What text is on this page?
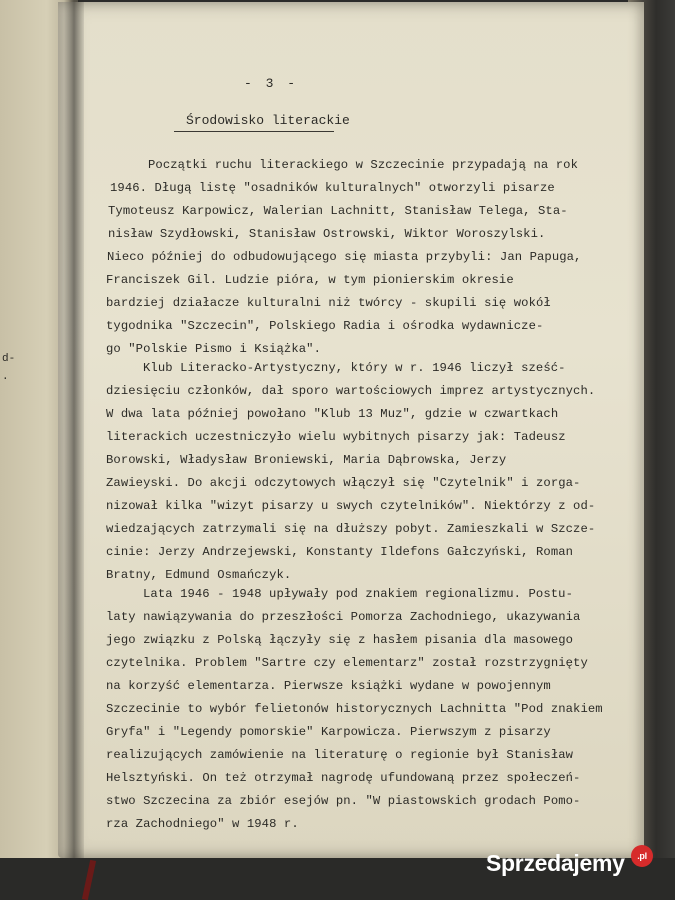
d-
.
- 3 -
Środowisko literackie
Początki ruchu literackiego w Szczecinie przypadają na rok
1946. Długą listę "osadników kulturalnych" otworzyli pisarze
Tymoteusz Karpowicz, Walerian Lachnitt, Stanisław Telega, Sta-
nisław Szydłowski, Stanisław Ostrowski, Wiktor Woroszylski.
Nieco później do odbudowującego się miasta przybyli: Jan Papuga,
Franciszek Gil. Ludzie pióra, w tym pionierskim okresie
bardziej działacze kulturalni niż twórcy - skupili się wokół
tygodnika "Szczecin", Polskiego Radia i ośrodka wydawnicze-
go "Polskie Pismo i Książka".
Klub Literacko-Artystyczny, który w r. 1946 liczył sześć-
dziesięciu członków, dał sporo wartościowych imprez artystycznych.
W dwa lata później powołano "Klub 13 Muz", gdzie w czwartkach
literackich uczestniczyło wielu wybitnych pisarzy jak: Tadeusz
Borowski, Władysław Broniewski, Maria Dąbrowska, Jerzy
Zawieyski. Do akcji odczytowych włączył się "Czytelnik" i zorga-
nizował kilka "wizyt pisarzy u swych czytelników". Niektórzy z od-
wiedzających zatrzymali się na dłuższy pobyt. Zamieszkali w Szcze-
cinie: Jerzy Andrzejewski, Konstanty Ildefons Gałczyński, Roman
Bratny, Edmund Osmańczyk.
Lata 1946 - 1948 upływały pod znakiem regionalizmu. Postu-
laty nawiązywania do przeszłości Pomorza Zachodniego, ukazywania
jego związku z Polską łączyły się z hasłem pisania dla masowego
czytelnika. Problem "Sartre czy elementarz" został rozstrzygnięty
na korzyść elementarza. Pierwsze książki wydane w powojennym
Szczecinie to wybór felietonów historycznych Lachnitta "Pod znakiem
Gryfa" i "Legendy pomorskie" Karpowicza. Pierwszym z pisarzy
realizujących zamówienie na literaturę o regionie był Stanisław
Helsztyński. On też otrzymał nagrodę ufundowaną przez społeczeń-
stwo Szczecina za zbiór esejów pn. "W piastowskich grodach Pomo-
rza Zachodniego" w 1948 r.
Sprzedajemy	.pl
